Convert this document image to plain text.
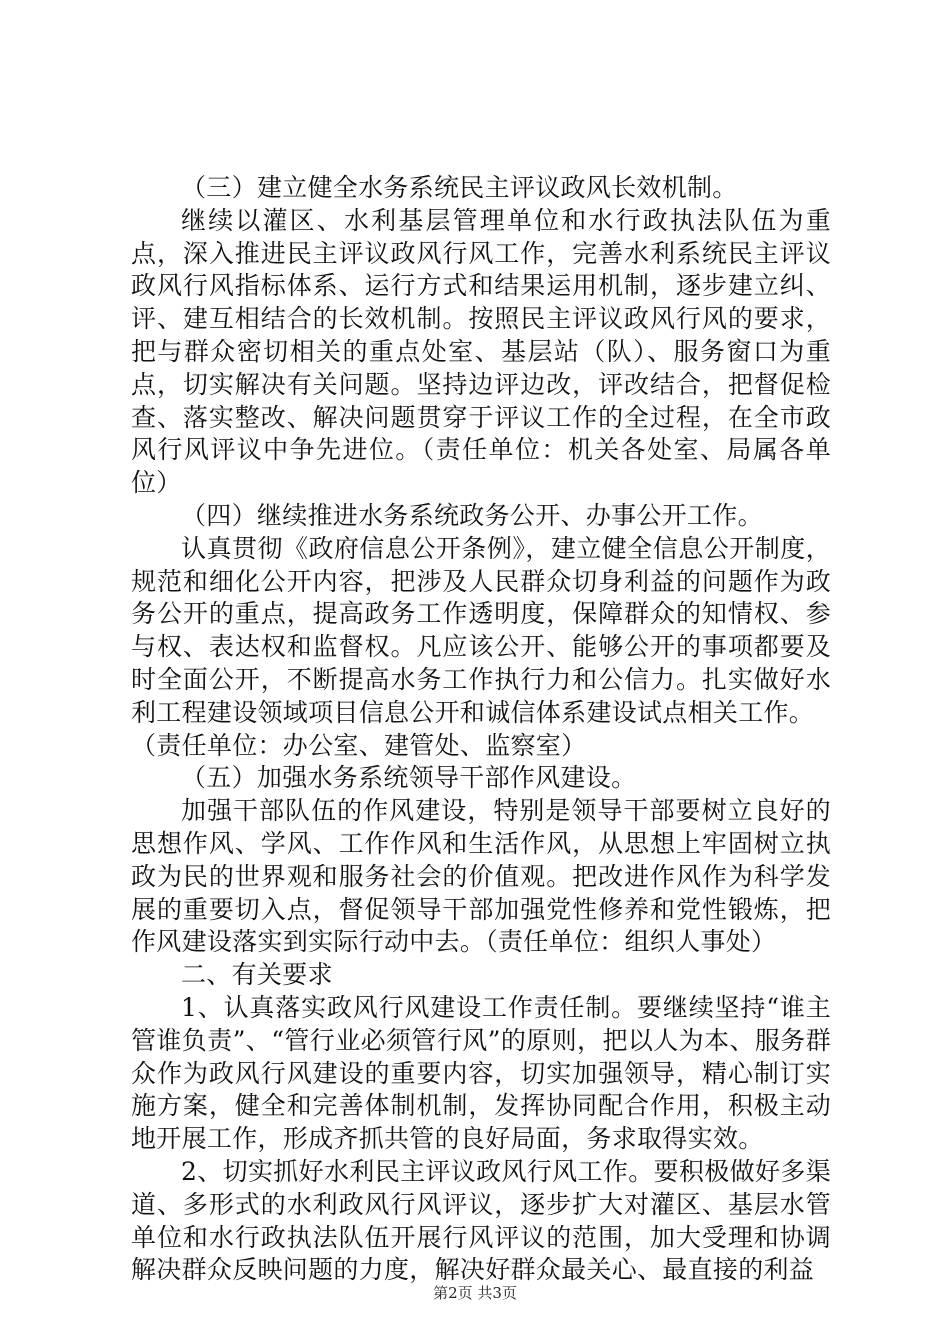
（三）建立健全水务系统民主评议政风长效机制。

继续以灌区、水利基层管理单位和水行政执法队伍为重点，深入推进民主评议政风行风工作，完善水利系统民主评议政风行风指标体系、运行方式和结果运用机制，逐步建立纠、评、建互相结合的长效机制。按照民主评议政风行风的要求，把与群众密切相关的重点处室、基层站（队）、服务窗口为重点，切实解决有关问题。坚持边评边改，评改结合，把督促检查、落实整改、解决问题贯穿于评议工作的全过程，在全市政风行风评议中争先进位。（责任单位：机关各处室、局属各单位）

（四）继续推进水务系统政务公开、办事公开工作。

认真贯彻《政府信息公开条例》，建立健全信息公开制度，规范和细化公开内容，把涉及人民群众切身利益的问题作为政务公开的重点，提高政务工作透明度，保障群众的知情权、参与权、表达权和监督权。凡应该公开、能够公开的事项都要及时全面公开，不断提高水务工作执行力和公信力。扎实做好水利工程建设领域项目信息公开和诚信体系建设试点相关工作。

（责任单位：办公室、建管处、监察室）

（五）加强水务系统领导干部作风建设。

加强干部队伍的作风建设，特别是领导干部要树立良好的思想作风、学风、工作作风和生活作风，从思想上牢固树立执政为民的世界观和服务社会的价值观。把改进作风作为科学发展的重要切入点，督促领导干部加强党性修养和党性锻炼，把作风建设落实到实际行动中去。（责任单位：组织人事处）

二、有关要求

1、认真落实政风行风建设工作责任制。要继续坚持“谁主管谁负责”、“管行业必须管行风”的原则，把以人为本、服务群众作为政风行风建设的重要内容，切实加强领导，精心制订实施方案，健全和完善体制机制，发挥协同配合作用，积极主动地开展工作，形成齐抓共管的良好局面，务求取得实效。

2、切实抓好水利民主评议政风行风工作。要积极做好多渠道、多形式的水利政风行风评议，逐步扩大对灌区、基层水管单位和水行政执法队伍开展行风评议的范围，加大受理和协调解决群众反映问题的力度，解决好群众最关心、最直接的利益

第2页 共3页
